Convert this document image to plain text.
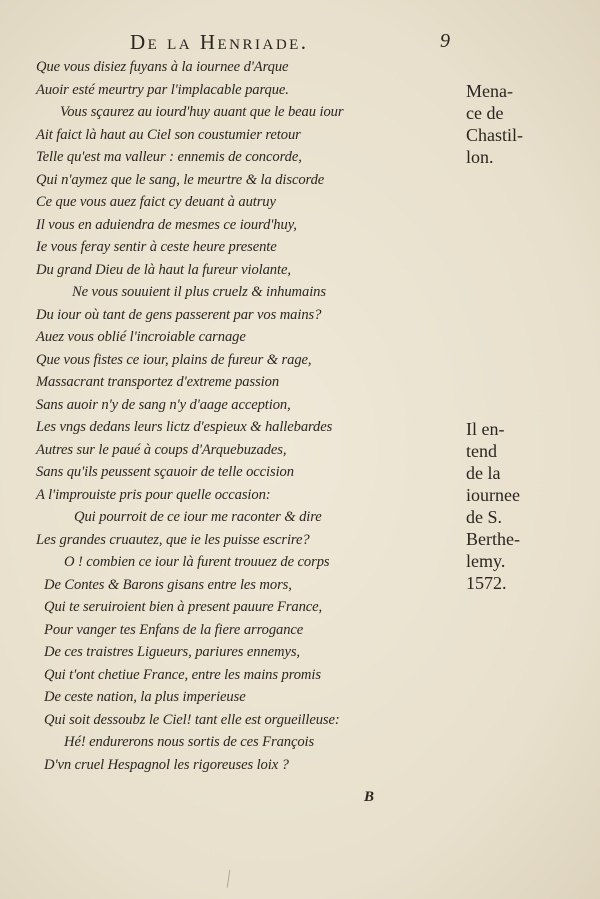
De la Henriade.	9
Que vous disiez fuyans à la iournee d'Arque
Auoir esté meurtry par l'implacable parque.
Vous sçaurez au iourd'huy auant que le beau iour
Ait faict là haut au Ciel son coustumier retour
Telle qu'est ma valleur : ennemis de concorde,
Qui n'aymez que le sang, le meurtre & la discorde
Ce que vous auez faict cy deuant à autruy
Il vous en aduiendra de mesmes ce iourd'huy,
Ie vous feray sentir à ceste heure presente
Du grand Dieu de là haut la fureur violante,
Ne vous souuient il plus cruelz & inhumains
Du iour où tant de gens passerent par vos mains?
Auez vous oblié l'incroiable carnage
Que vous fistes ce iour, plains de fureur & rage,
Massacrant transportez d'extreme passion
Sans auoir n'y de sang n'y d'aage acception,
Les vngs dedans leurs lictz d'espieux & hallebardes
Autres sur le paué à coups d'Arquebuzades,
Sans qu'ils peussent sçauoir de telle occision
A l'improuiste pris pour quelle occasion:
Qui pourroit de ce iour me raconter & dire
Les grandes cruautez, que ie les puisse escrire?
O ! combien ce iour là furent trouuez de corps
De Contes & Barons gisans entre les mors,
Qui te seruiroient bien à present pauure France,
Pour vanger tes Enfans de la fiere arrogance
De ces traistres Ligueurs, pariures ennemys,
Qui t'ont chetiue France, entre les mains promis
De ceste nation, la plus imperieuse
Qui soit dessoubz le Ciel! tant elle est orgueilleuse:
Hé! endurerons nous sortis de ces François
D'vn cruel Hespagnol les rigoreuses loix ?
Mena-
ce de
Chastil-
lon.
Il en-
tend
de la
iournee
de S.
Berthe-
lemy.
1572.
B
